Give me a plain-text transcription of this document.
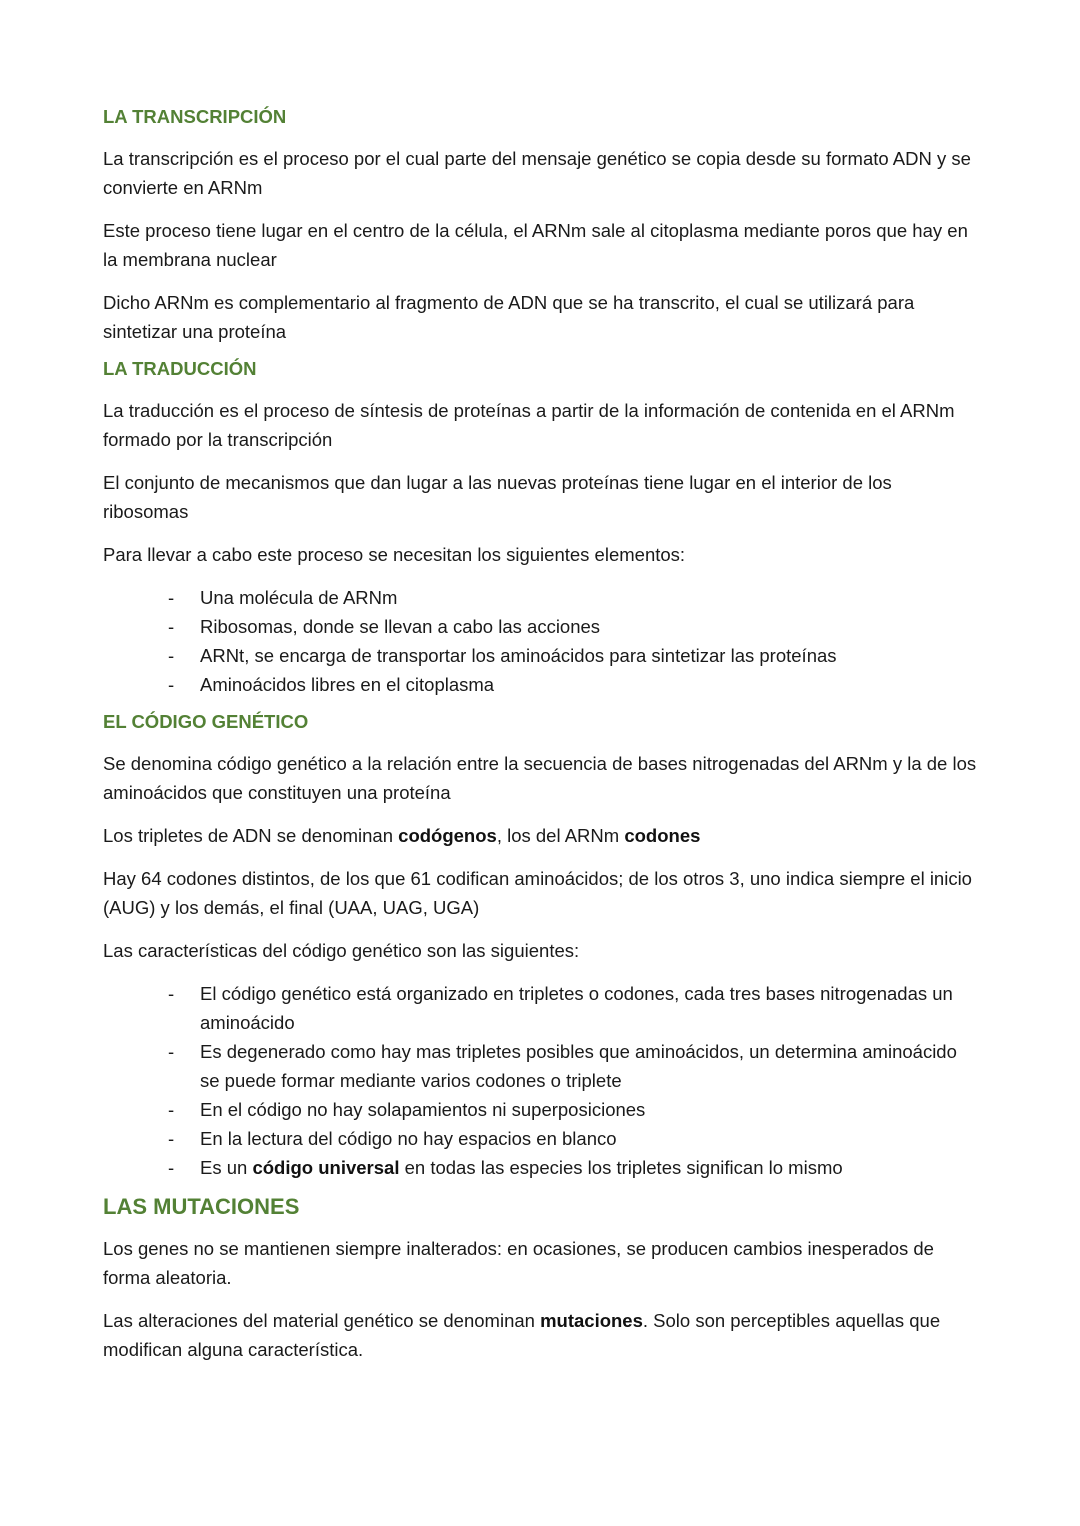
LA TRANSCRIPCIÓN

La transcripción es el proceso por el cual parte del mensaje genético se copia desde su formato ADN y se convierte en ARNm

Este proceso tiene lugar en el centro de la célula, el ARNm sale al citoplasma mediante poros que hay en la membrana nuclear

Dicho ARNm es complementario al fragmento de ADN que se ha transcrito, el cual se utilizará para sintetizar una proteína

LA TRADUCCIÓN

La traducción es el proceso de síntesis de proteínas a partir de la información de contenida en el ARNm formado por la transcripción

El conjunto de mecanismos que dan lugar a las nuevas proteínas tiene lugar en el interior de los ribosomas

Para llevar a cabo este proceso se necesitan los siguientes elementos:

- Una molécula de ARNm
- Ribosomas, donde se llevan a cabo las acciones
- ARNt, se encarga de transportar los aminoácidos para sintetizar las proteínas
- Aminoácidos libres en el citoplasma
EL CÓDIGO GENÉTICO

Se denomina código genético a la relación entre la secuencia de bases nitrogenadas del ARNm y la de los aminoácidos que constituyen una proteína

Los tripletes de ADN se denominan codógenos, los del ARNm codones

Hay 64 codones distintos, de los que 61 codifican aminoácidos; de los otros 3, uno indica siempre el inicio (AUG) y los demás, el final (UAA, UAG, UGA)

Las características del código genético son las siguientes:

- El código genético está organizado en tripletes o codones, cada tres bases nitrogenadas un aminoácido
- Es degenerado como hay mas tripletes posibles que aminoácidos, un determina aminoácido se puede formar mediante varios codones o triplete
- En el código no hay solapamientos ni superposiciones
- En la lectura del código no hay espacios en blanco
- Es un código universal en todas las especies los tripletes significan lo mismo
LAS MUTACIONES

Los genes no se mantienen siempre inalterados: en ocasiones, se producen cambios inesperados de forma aleatoria.

Las alteraciones del material genético se denominan mutaciones. Solo son perceptibles aquellas que modifican alguna característica.
